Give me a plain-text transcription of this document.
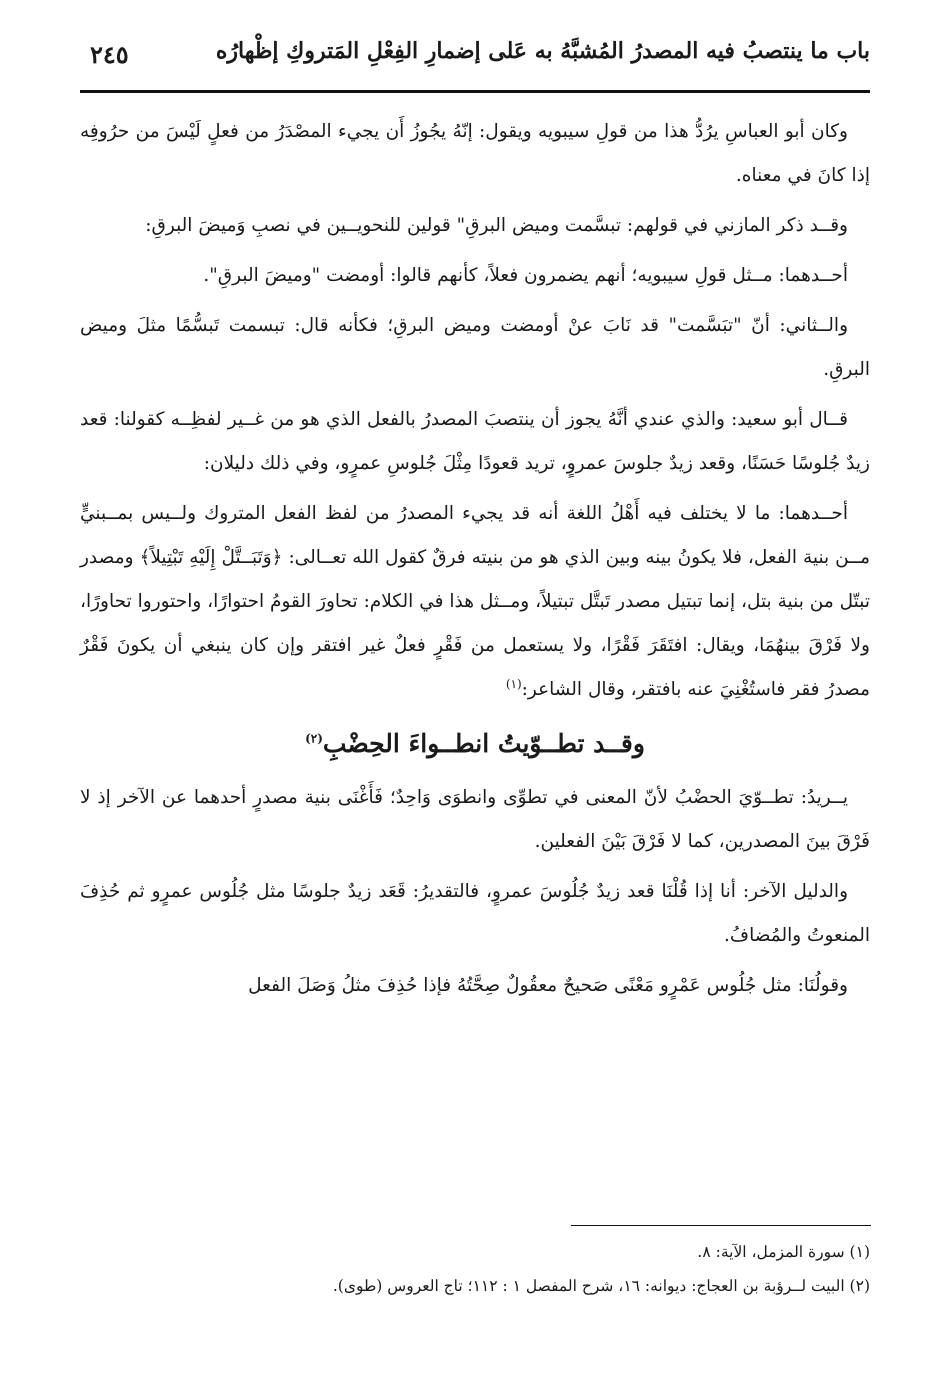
باب ما ينتصبُ فيه المصدرُ المُشبَّهُ به عَلى إضمارِ الفِعْلِ المَتروكِ إظْهارُه
٢٤٥

وكان أبو العباسِ يرُدُّ هذا من قولِ سيبويه ويقول: إنّهُ يجُوزُ أَن يجيء المصْدَرُ من فعلٍ لَيْسَ من حرُوفِه إذا كانَ في معناه.

وقــد ذكر المازني في قولهم: تبسَّمت وميض البرقِ" قولين للنحويــين في نصبِ وَميضَ البرقِ:

أحــدهما: مــثل قولِ سيبويه؛ أنهم يضمرون فعلاً، كأنهم قالوا: أومضت "وميضَ البرقِ".

والــثاني: أنّ "تبَسَّمت" قد نَابَ عنْ أومضت وميض البرقِ؛ فكأنه قال: تبسمت تَبسُّمًا مثلَ وميض البرقِ.

قــال أبو سعيد: والذي عندي أنَّهُ يجوز أن ينتصبَ المصدرُ بالفعل الذي هو من غــير لفظِــه كقولنا: قعد زيدٌ جُلوسًا حَسَنًا، وقعد زيدٌ جلوسَ عمروٍ، تريد قعودًا مِثْلَ جُلوسِ عمرٍو، وفي ذلك دليلان:

أحــدهما: ما لا يختلف فيه أَهْلُ اللغة أنه قد يجيء المصدرُ من لفظ الفعل المتروك ولــيس بمــبنيٍّ مــن بنية الفعل، فلا يكونُ بينه وبين الذي هو من بنيته فرقٌ كقول الله تعــالى: ﴿وَتَبَــتَّلْ إِلَيْهِ تَبْتِيلاً﴾ ومصدر تبتّل من بنية بتل، إنما تبتيل مصدر تَبتَّل تبتيلاً، ومــثل هذا في الكلام: تحاورَ القومُ احتوارًا، واحتوروا تحاورًا، ولا فَرْقَ بينهُمَا، ويقال: افتَقَرَ فَقْرًا، ولا يستعمل من فَقْرٍ فعلٌ غير افتقر وإن كان ينبغي أن يكونَ فَقْرٌ مصدرُ فقر فاستُغْنِيَ عنه بافتقر، وقال الشاعر:$^{(١)}$

وقــد تطــوّيتُ انطــواءَ الحِضْبِ$^{(٢)}$

يــريدُ: تطــوّيَ الحضْبُ لأنّ المعنى في تطوِّى وانطوَى وَاحِدٌ؛ فَأَغْنَى بنية مصدرٍ أحدهما عن الآخر إذ لا فَرْقَ بينَ المصدرين، كما لا فَرْقَ بَيْنَ الفعلين.

والدليل الآخر: أنا إذا قُلْنَا قعد زيدٌ جُلُوسَ عمروٍ، فالتقديرُ: قَعَد زيدٌ جلوسًا مثل جُلُوس عمرٍو ثم حُذِفَ المنعوتُ والمُضافُ.

وقولُنَا: مثل جُلُوس عَمْرٍو مَعْنًى صَحيحٌ معقُولٌ صِحَّتُهُ فإذا حُذِفَ مثلُ وَصَلَ الفعل

(١) سورة المزمل، الآية: ٨.
(٢) البيت لــرؤبة بن العجاج: ديوانه: ١٦، شرح المفصل ١ : ١١٢؛ تاج العروس (طوى).
